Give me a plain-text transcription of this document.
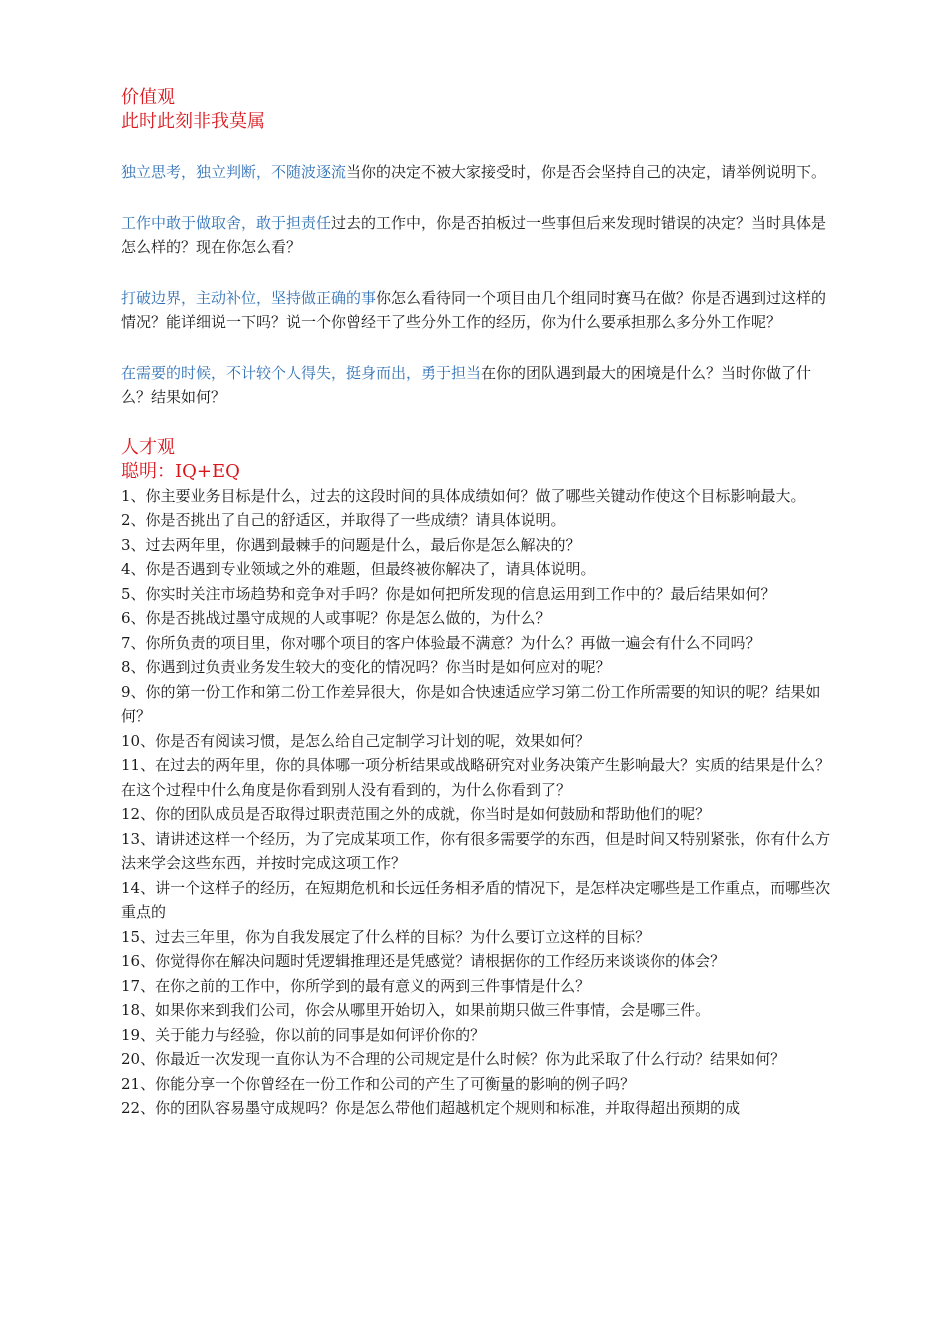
价值观
此时此刻非我莫属

独立思考，独立判断，不随波逐流当你的决定不被大家接受时，你是否会坚持自己的决定，请举例说明下。

工作中敢于做取舍，敢于担责任过去的工作中，你是否拍板过一些事但后来发现时错误的决定？当时具体是怎么样的？现在你怎么看？

打破边界，主动补位，坚持做正确的事你怎么看待同一个项目由几个组同时赛马在做？你是否遇到过这样的情况？能详细说一下吗？说一个你曾经干了些分外工作的经历，你为什么要承担那么多分外工作呢？

在需要的时候，不计较个人得失，挺身而出，勇于担当在你的团队遇到最大的困境是什么？当时你做了什么？结果如何？

人才观
聪明：IQ+EQ

1、你主要业务目标是什么，过去的这段时间的具体成绩如何？做了哪些关键动作使这个目标影响最大。

2、你是否挑出了自己的舒适区，并取得了一些成绩？请具体说明。

3、过去两年里，你遇到最棘手的问题是什么，最后你是怎么解决的？

4、你是否遇到专业领域之外的难题，但最终被你解决了，请具体说明。

5、你实时关注市场趋势和竞争对手吗？你是如何把所发现的信息运用到工作中的？最后结果如何？

6、你是否挑战过墨守成规的人或事呢？你是怎么做的，为什么？

7、你所负责的项目里，你对哪个项目的客户体验最不满意？为什么？再做一遍会有什么不同吗？

8、你遇到过负责业务发生较大的变化的情况吗？你当时是如何应对的呢？

9、你的第一份工作和第二份工作差异很大，你是如合快速适应学习第二份工作所需要的知识的呢？结果如何？

10、你是否有阅读习惯，是怎么给自己定制学习计划的呢，效果如何？

11、在过去的两年里，你的具体哪一项分析结果或战略研究对业务决策产生影响最大？实质的结果是什么？在这个过程中什么角度是你看到别人没有看到的，为什么你看到了？

12、你的团队成员是否取得过职责范围之外的成就，你当时是如何鼓励和帮助他们的呢？

13、请讲述这样一个经历，为了完成某项工作，你有很多需要学的东西，但是时间又特别紧张，你有什么方法来学会这些东西，并按时完成这项工作？

14、讲一个这样子的经历，在短期危机和长远任务相矛盾的情况下，是怎样决定哪些是工作重点，而哪些次重点的

15、过去三年里，你为自我发展定了什么样的目标？为什么要订立这样的目标？

16、你觉得你在解决问题时凭逻辑推理还是凭感觉？请根据你的工作经历来谈谈你的体会？

17、在你之前的工作中，你所学到的最有意义的两到三件事情是什么？

18、如果你来到我们公司，你会从哪里开始切入，如果前期只做三件事情，会是哪三件。

19、关于能力与经验，你以前的同事是如何评价你的？

20、你最近一次发现一直你认为不合理的公司规定是什么时候？你为此采取了什么行动？结果如何？

21、你能分享一个你曾经在一份工作和公司的产生了可衡量的影响的例子吗？

22、你的团队容易墨守成规吗？你是怎么带他们超越机定个规则和标准，并取得超出预期的成
